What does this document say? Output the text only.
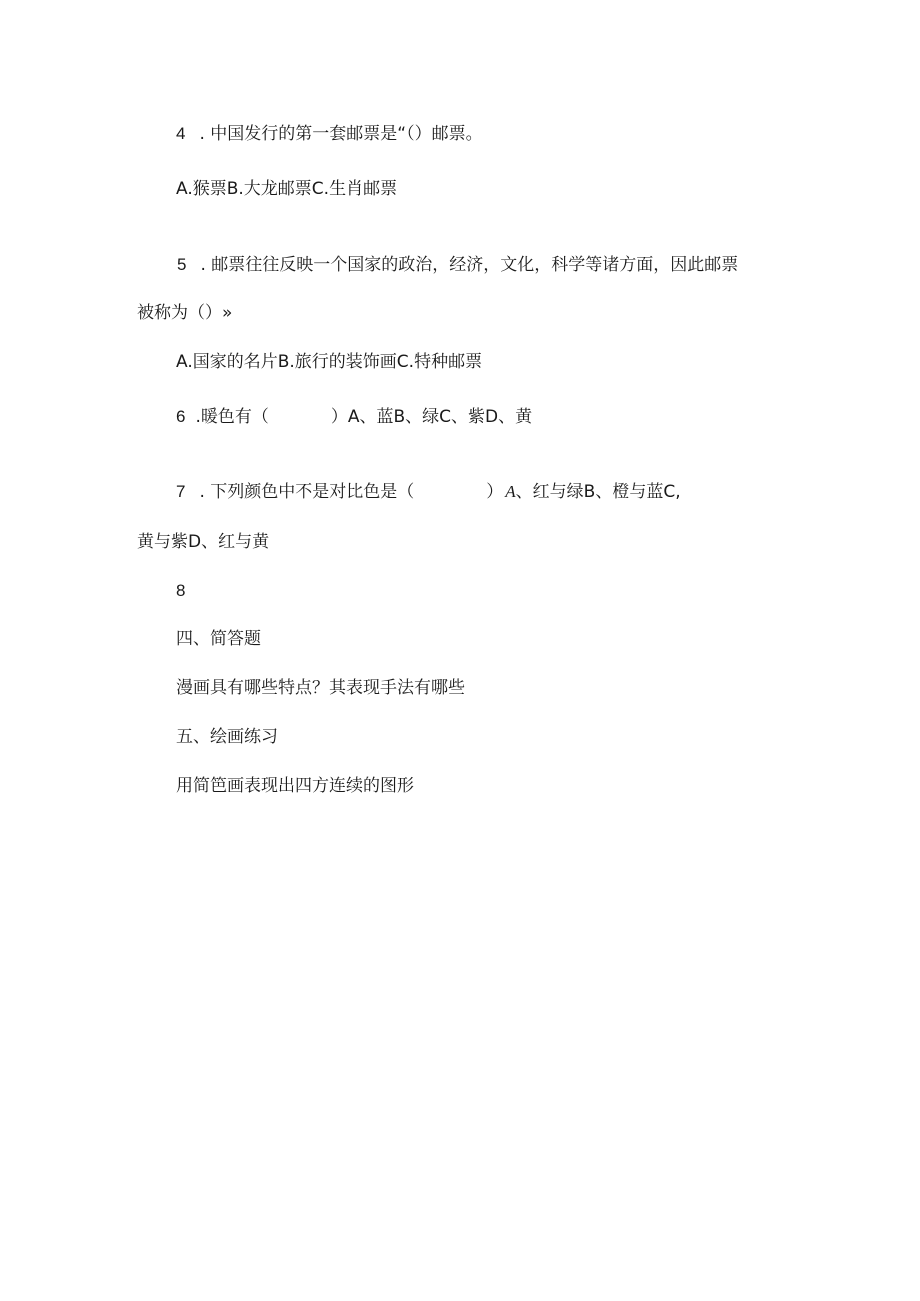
4 . 中国发行的第一套邮票是“（）邮票。
A.猴票B.大龙邮票C.生肖邮票
5 . 邮票往往反映一个国家的政治，经济，文化，科学等诸方面，因此邮票
被称为（）»
A.国家的名片B.旅行的装饰画C.特种邮票
6 .暖色有（	）A、蓝B、绿C、紫D、黄
7 . 下列颜色中不是对比色是（	） A、红与绿B、橙与蓝C,
黄与紫D、红与黄
8
四、简答题
漫画具有哪些特点？其表现手法有哪些
五、绘画练习
用简笆画表现出四方连续的图形
